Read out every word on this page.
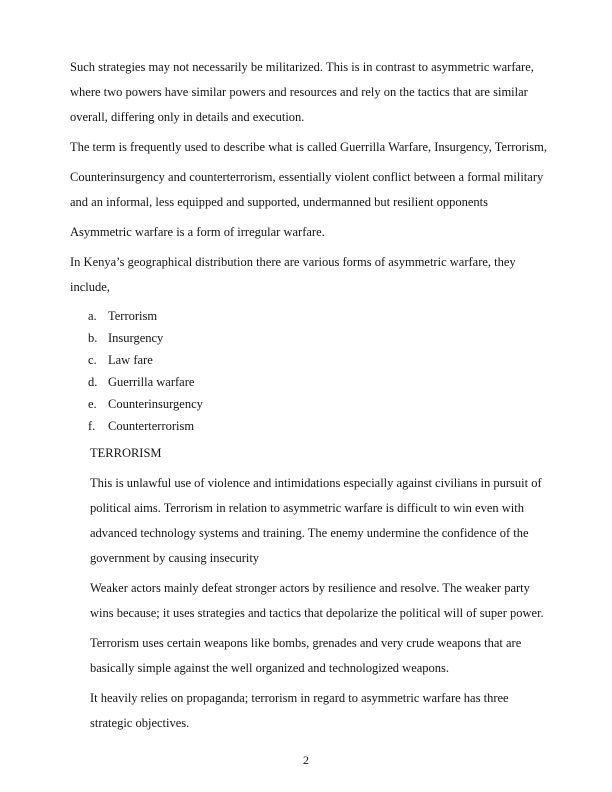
Such strategies may not necessarily be militarized. This is in contrast to asymmetric warfare, where two powers have similar powers and resources and rely on the tactics that are similar overall, differing only in details and execution.

The term is frequently used to describe what is called Guerrilla Warfare, Insurgency, Terrorism,

Counterinsurgency and counterterrorism, essentially violent conflict between a formal military and an informal, less equipped and supported, undermanned but resilient opponents

Asymmetric warfare is a form of irregular warfare.

In Kenya’s geographical distribution there are various forms of asymmetric warfare, they include,

a. Terrorism
b. Insurgency
c. Law fare
d. Guerrilla warfare
e. Counterinsurgency
f. Counterterrorism
TERRORISM

This is unlawful use of violence and intimidations especially against civilians in pursuit of political aims. Terrorism in relation to asymmetric warfare is difficult to win even with advanced technology systems and training. The enemy undermine the confidence of the government by causing insecurity

Weaker actors mainly defeat stronger actors by resilience and resolve. The weaker party wins because; it uses strategies and tactics that depolarize the political will of super power.

Terrorism uses certain weapons like bombs, grenades and very crude weapons that are basically simple against the well organized and technologized weapons.

It heavily relies on propaganda; terrorism in regard to asymmetric warfare has three strategic objectives.

2
